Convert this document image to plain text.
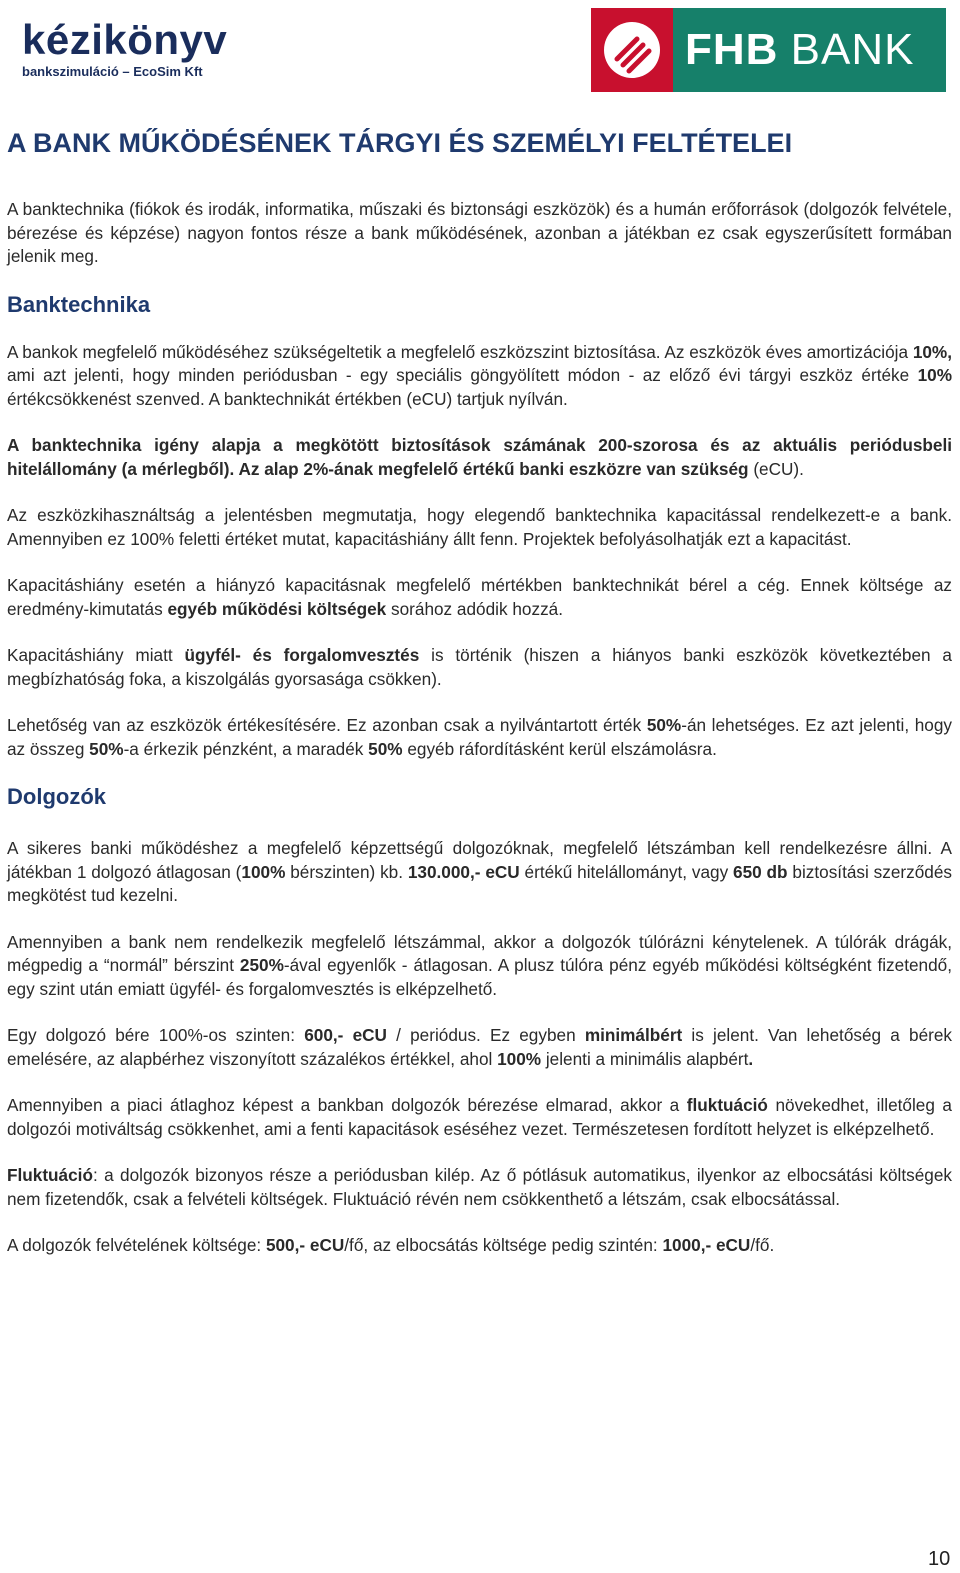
kézikönyv
bankszimuláció – EcoSim Kft	FHB BANK
A BANK MŰKÖDÉSÉNEK TÁRGYI ÉS SZEMÉLYI FELTÉTELEI

A banktechnika (fiókok és irodák, informatika, műszaki és biztonsági eszközök) és a humán erőforrások (dolgozók felvétele, bérezése és képzése) nagyon fontos része a bank működésének, azonban a játékban ez csak egyszerűsített formában jelenik meg.

Banktechnika

A bankok megfelelő működéséhez szükségeltetik a megfelelő eszközszint biztosítása. Az eszközök éves amortizációja 10%, ami azt jelenti, hogy minden periódusban - egy speciális göngyölített módon - az előző évi tárgyi eszköz értéke 10% értékcsökkenést szenved. A banktechnikát értékben (eCU) tartjuk nyílván.

A banktechnika igény alapja a megkötött biztosítások számának 200-szorosa és az aktuális periódusbeli hitelállomány (a mérlegből). Az alap 2%-ának megfelelő értékű banki eszközre van szükség (eCU).

Az eszközkihasználtság a jelentésben megmutatja, hogy elegendő banktechnika kapacitással rendelkezett-e a bank. Amennyiben ez 100% feletti értéket mutat, kapacitáshiány állt fenn. Projektek befolyásolhatják ezt a kapacitást.

Kapacitáshiány esetén a hiányzó kapacitásnak megfelelő mértékben banktechnikát bérel a cég. Ennek költsége az eredmény-kimutatás egyéb működési költségek sorához adódik hozzá.

Kapacitáshiány miatt ügyfél- és forgalomvesztés is történik (hiszen a hiányos banki eszközök következtében a megbízhatóság foka, a kiszolgálás gyorsasága csökken).

Lehetőség van az eszközök értékesítésére. Ez azonban csak a nyilvántartott érték 50%-án lehetséges. Ez azt jelenti, hogy az összeg 50%-a érkezik pénzként, a maradék 50% egyéb ráfordításként kerül elszámolásra.

Dolgozók

A sikeres banki működéshez a megfelelő képzettségű dolgozóknak, megfelelő létszámban kell rendelkezésre állni. A játékban 1 dolgozó átlagosan (100% bérszinten) kb. 130.000,- eCU értékű hitelállományt, vagy 650 db biztosítási szerződés megkötést tud kezelni.

Amennyiben a bank nem rendelkezik megfelelő létszámmal, akkor a dolgozók túlórázni kénytelenek. A túlórák drágák, mégpedig a “normál” bérszint 250%-ával egyenlők - átlagosan. A plusz túlóra pénz egyéb működési költségként fizetendő, egy szint után emiatt ügyfél- és forgalomvesztés is elképzelhető.

Egy dolgozó bére 100%-os szinten: 600,- eCU / periódus. Ez egyben minimálbért is jelent. Van lehetőség a bérek emelésére, az alapbérhez viszonyított százalékos értékkel, ahol 100% jelenti a minimális alapbért.

Amennyiben a piaci átlaghoz képest a bankban dolgozók bérezése elmarad, akkor a fluktuáció növekedhet, illetőleg a dolgozói motiváltság csökkenhet, ami a fenti kapacitások eséséhez vezet. Természetesen fordított helyzet is elképzelhető.

Fluktuáció: a dolgozók bizonyos része a periódusban kilép. Az ő pótlásuk automatikus, ilyenkor az elbocsátási költségek nem fizetendők, csak a felvételi költségek. Fluktuáció révén nem csökkenthető a létszám, csak elbocsátással.

A dolgozók felvételének költsége: 500,- eCU/fő, az elbocsátás költsége pedig szintén: 1000,- eCU/fő.

10
